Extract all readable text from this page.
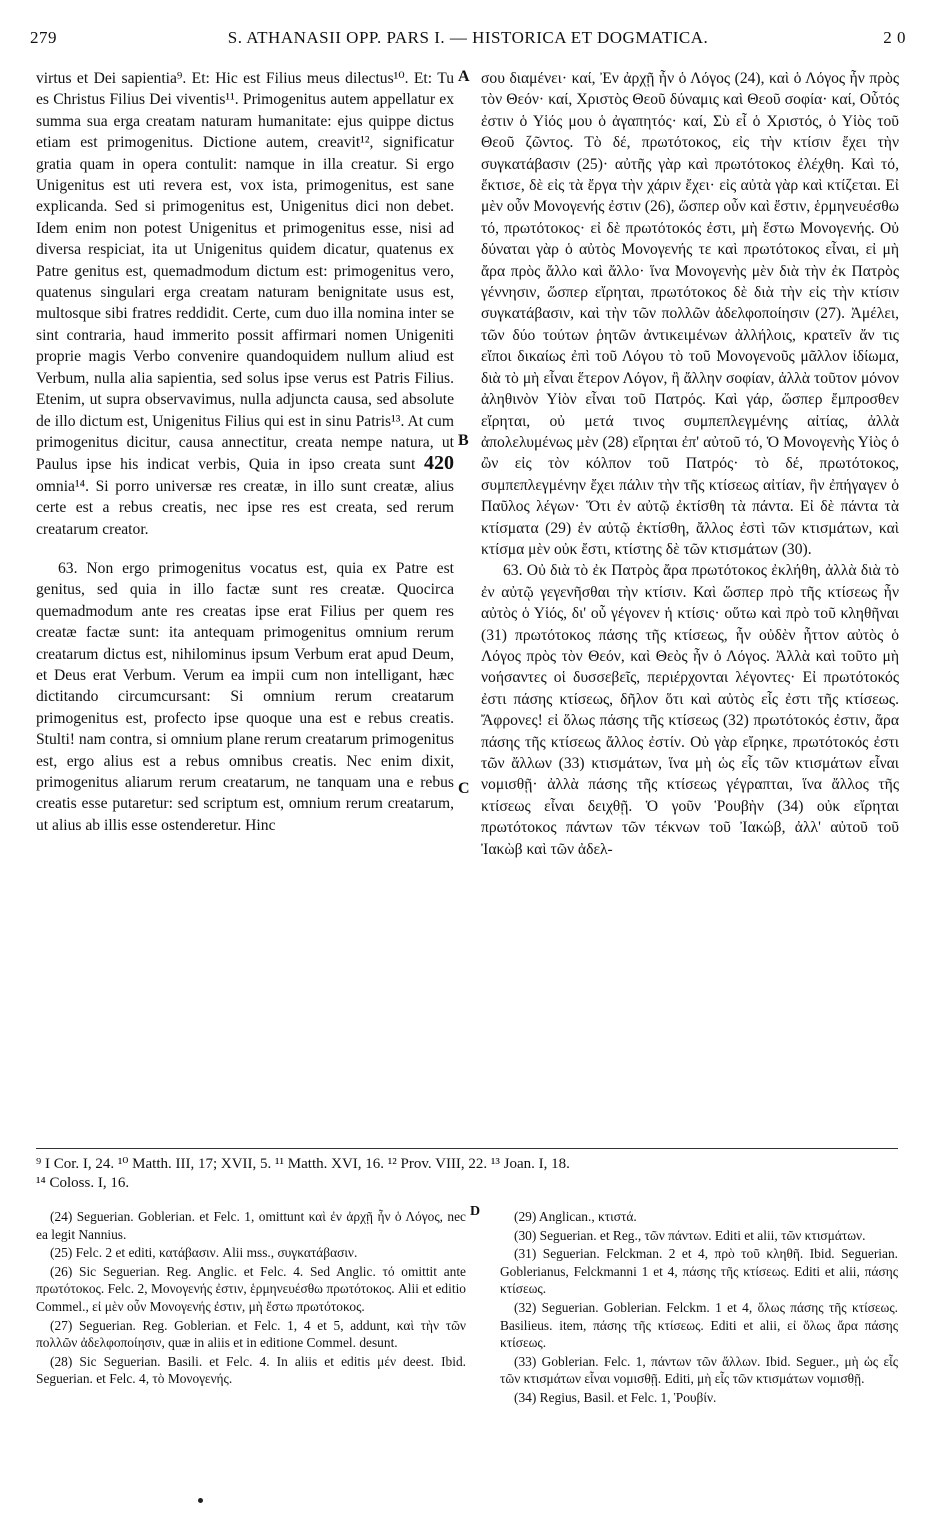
279	S. ATHANASII OPP. PARS I. — HISTORICA ET DOGMATICA.	2 0

virtus et Dei sapientia⁹. Et: Hic est Filius meus dilectus¹⁰. Et: Tu es Christus Filius Dei viventis¹¹. Primogenitus autem appellatur ex summa sua erga creatam naturam humanitate: ejus quippe dictus etiam est primogenitus. Dictione autem, creavit¹², significatur gratia quam in opera contulit: namque in illa creatur. Si ergo Unigenitus est uti revera est, vox ista, primogenitus, est sane explicanda. Sed si primogenitus est, Unigenitus dici non debet. Idem enim non potest Unigenitus et primogenitus esse, nisi ad diversa respiciat, ita ut Unigenitus quidem dicatur, quatenus ex Patre genitus est, quemadmodum dictum est: primogenitus vero, quatenus singulari erga creatam naturam benignitate usus est, multosque sibi fratres reddidit. Certe, cum duo illa nomina inter se sint contraria, haud immerito possit affirmari nomen Unigeniti proprie magis Verbo convenire quandoquidem nullum aliud est Verbum, nulla alia sapientia, sed solus ipse verus est Patris Filius. Etenim, ut supra observavimus, nulla adjuncta causa, sed absolute de illo dictum est, Unigenitus Filius qui est in sinu Patris¹³. At cum primogenitus dicitur, causa annectitur, creata nempe natura, ut Paulus ipse his indicat verbis, Quia in ipso creata sunt 420 omnia¹⁴. Si porro universæ res creatæ, in illo sunt creatæ, alius certe est a rebus creatis, nec ipse res est creata, sed rerum creatarum creator.

63. Non ergo primogenitus vocatus est, quia ex Patre est genitus, sed quia in illo factæ sunt res creatæ. Quocirca quemadmodum ante res creatas ipse erat Filius per quem res creatæ factæ sunt: ita antequam primogenitus omnium rerum creatarum dictus est, nihilominus ipsum Verbum erat apud Deum, et Deus erat Verbum. Verum ea impii cum non intelligant, hæc dictitando circumcursant: Si omnium rerum creatarum primogenitus est, profecto ipse quoque una est e rebus creatis. Stulti! nam contra, si omnium plane rerum creatarum primogenitus est, ergo alius est a rebus omnibus creatis. Nec enim dixit, primogenitus aliarum rerum creatarum, ne tanquam una e rebus creatis esse putaretur: sed scriptum est, omnium rerum creatarum, ut alius ab illis esse ostenderetur. Hinc

A
B
C

σου διαμένει· καί, Ἐν ἀρχῇ ἦν ὁ Λόγος (24), καὶ ὁ Λόγος ἦν πρὸς τὸν Θεόν· καί, Χριστὸς Θεοῦ δύναμις καὶ Θεοῦ σοφία· καί, Οὗτός ἐστιν ὁ Υἱός μου ὁ ἀγαπητός· καί, Σὺ εἶ ὁ Χριστός, ὁ Υἱὸς τοῦ Θεοῦ ζῶντος. Τὸ δέ, πρωτότοκος, εἰς τὴν κτίσιν ἔχει τὴν συγκατάβασιν (25)· αὐτῆς γὰρ καὶ πρωτότοκος ἐλέχθη. Καὶ τό, ἔκτισε, δὲ εἰς τὰ ἔργα τὴν χάριν ἔχει· εἰς αὐτὰ γὰρ καὶ κτίζεται. Εἰ μὲν οὖν Μονογενής ἐστιν (26), ὥσπερ οὖν καὶ ἔστιν, ἑρμηνευέσθω τό, πρωτότοκος· εἰ δὲ πρωτότοκός ἐστι, μὴ ἔστω Μονογενής. Οὐ δύναται γὰρ ὁ αὐτὸς Μονογενής τε καὶ πρωτότοκος εἶναι, εἰ μὴ ἄρα πρὸς ἄλλο καὶ ἄλλο· ἵνα Μονογενὴς μὲν διὰ τὴν ἐκ Πατρὸς γέννησιν, ὥσπερ εἴρηται, πρωτότοκος δὲ διὰ τὴν εἰς τὴν κτίσιν συγκατάβασιν, καὶ τὴν τῶν πολλῶν ἀδελφοποίησιν (27). Ἀμέλει, τῶν δύο τούτων ῥητῶν ἀντικειμένων ἀλλήλοις, κρατεῖν ἄν τις εἴποι δικαίως ἐπὶ τοῦ Λόγου τὸ τοῦ Μονογενοῦς μᾶλλον ἰδίωμα, διὰ τὸ μὴ εἶναι ἕτερον Λόγον, ἢ ἄλλην σοφίαν, ἀλλὰ τοῦτον μόνον ἀληθινὸν Υἱὸν εἶναι τοῦ Πατρός. Καὶ γάρ, ὥσπερ ἔμπροσθεν εἴρηται, οὐ μετά τινος συμπεπλεγμένης αἰτίας, ἀλλὰ ἀπολελυμένως μὲν (28) εἴρηται ἐπ' αὐτοῦ τό, Ὁ Μονογενὴς Υἱὸς ὁ ὢν εἰς τὸν κόλπον τοῦ Πατρός· τὸ δέ, πρωτότοκος, συμπεπλεγμένην ἔχει πάλιν τὴν τῆς κτίσεως αἰτίαν, ἣν ἐπήγαγεν ὁ Παῦλος λέγων· Ὅτι ἐν αὐτῷ ἐκτίσθη τὰ πάντα. Εἰ δὲ πάντα τὰ κτίσματα (29) ἐν αὐτῷ ἐκτίσθη, ἄλλος ἐστὶ τῶν κτισμάτων, καὶ κτίσμα μὲν οὐκ ἔστι, κτίστης δὲ τῶν κτισμάτων (30).

63. Οὐ διὰ τὸ ἐκ Πατρὸς ἄρα πρωτότοκος ἐκλήθη, ἀλλὰ διὰ τὸ ἐν αὐτῷ γεγενῆσθαι τὴν κτίσιν. Καὶ ὥσπερ πρὸ τῆς κτίσεως ἦν αὐτὸς ὁ Υἱός, δι' οὗ γέγονεν ἡ κτίσις· οὕτω καὶ πρὸ τοῦ κληθῆναι (31) πρωτότοκος πάσης τῆς κτίσεως, ἦν οὐδὲν ἧττον αὐτὸς ὁ Λόγος πρὸς τὸν Θεόν, καὶ Θεὸς ἦν ὁ Λόγος. Ἀλλὰ καὶ τοῦτο μὴ νοήσαντες οἱ δυσσεβεῖς, περιέρχονται λέγοντες· Εἰ πρωτότοκός ἐστι πάσης κτίσεως, δῆλον ὅτι καὶ αὐτὸς εἷς ἐστι τῆς κτίσεως. Ἄφρονες! εἰ ὅλως πάσης τῆς κτίσεως (32) πρωτότοκός ἐστιν, ἄρα πάσης τῆς κτίσεως ἄλλος ἐστίν. Οὐ γὰρ εἴρηκε, πρωτότοκός ἐστι τῶν ἄλλων (33) κτισμάτων, ἵνα μὴ ὡς εἷς τῶν κτισμάτων εἶναι νομισθῇ· ἀλλὰ πάσης τῆς κτίσεως γέγραπται, ἵνα ἄλλος τῆς κτίσεως εἶναι δειχθῇ. Ὁ γοῦν Ῥουβὴν (34) οὐκ εἴρηται πρωτότοκος πάντων τῶν τέκνων τοῦ Ἰακώβ, ἀλλ' αὐτοῦ τοῦ Ἰακὼβ καὶ τῶν ἀδελ-

⁹ I Cor. I, 24. ¹⁰ Matth. III, 17; XVII, 5. ¹¹ Matth. XVI, 16. ¹² Prov. VIII, 22. ¹³ Joan. I, 18.

¹⁴ Coloss. I, 16.

D

(24) Seguerian. Goblerian. et Felc. 1, omittunt καὶ ἐν ἀρχῇ ἦν ὁ Λόγος, nec ea legit Nannius.

(25) Felc. 2 et editi, κατάβασιν. Alii mss., συγκατάβασιν.

(26) Sic Seguerian. Reg. Anglic. et Felc. 4. Sed Anglic. τό omittit ante πρωτότοκος. Felc. 2, Μονογενής ἐστιν, ἑρμηνευέσθω πρωτότοκος. Alii et editio Commel., εἰ μὲν οὖν Μονογενής ἐστιν, μὴ ἔστω πρωτότοκος.

(27) Seguerian. Reg. Goblerian. et Felc. 1, 4 et 5, addunt, καὶ τὴν τῶν πολλῶν ἀδελφοποίησιν, quæ in aliis et in editione Commel. desunt.

(28) Sic Seguerian. Basili. et Felc. 4. In aliis et editis μέν deest. Ibid. Seguerian. et Felc. 4, τὸ Μονογενής.

(29) Anglican., κτιστά.

(30) Seguerian. et Reg., τῶν πάντων. Editi et alii, τῶν κτισμάτων.

(31) Seguerian. Felckman. 2 et 4, πρὸ τοῦ κληθῆ. Ibid. Seguerian. Goblerianus, Felckmanni 1 et 4, πάσης τῆς κτίσεως. Editi et alii, πάσης κτίσεως.

(32) Seguerian. Goblerian. Felckm. 1 et 4, ὅλως πάσης τῆς κτίσεως. Basilieus. item, πάσης τῆς κτίσεως. Editi et alii, εἰ ὅλως ἄρα πάσης κτίσεως.

(33) Goblerian. Felc. 1, πάντων τῶν ἄλλων. Ibid. Seguer., μὴ ὡς εἷς τῶν κτισμάτων εἶναι νομισθῇ. Editi, μὴ εἷς τῶν κτισμάτων νομισθῇ.

(34) Regius, Basil. et Felc. 1, Ῥουβίν.
